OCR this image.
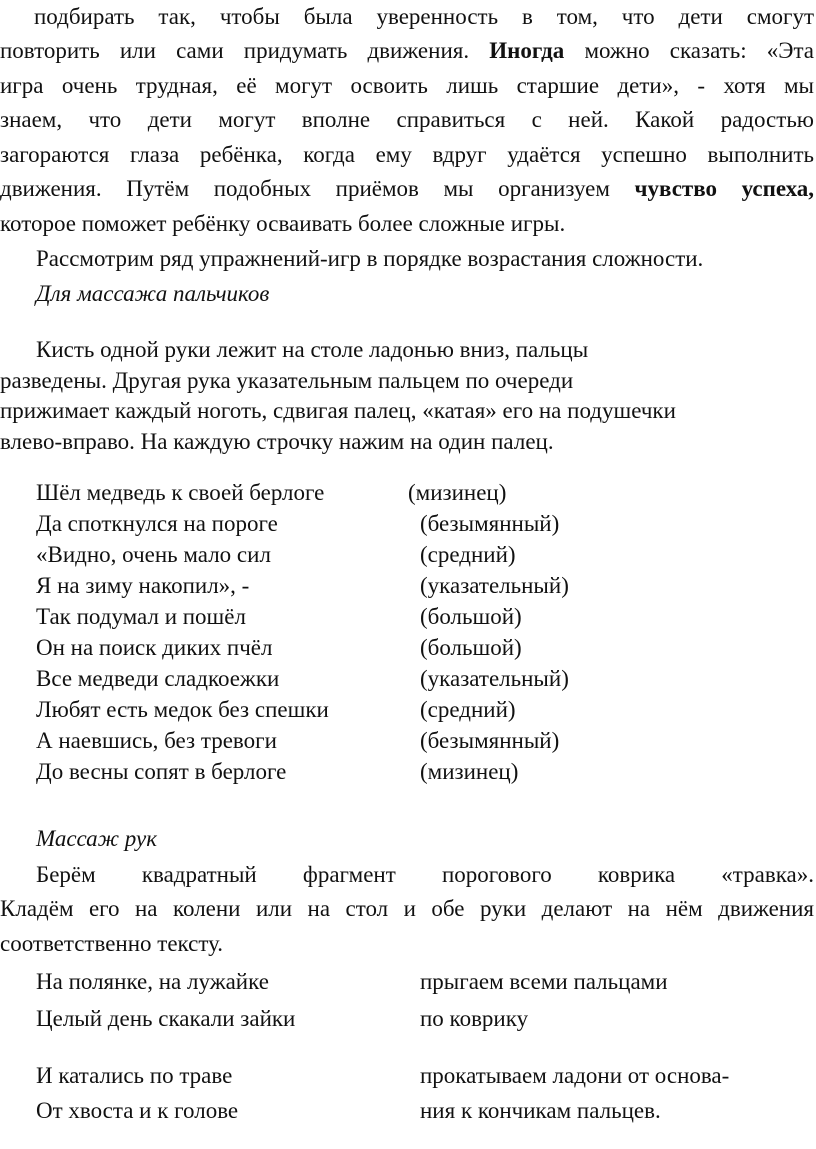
подбирать так, чтобы была уверенность в том, что дети смогут
повторить или сами придумать движения. Иногда можно сказать: «Эта
игра очень трудная, её могут освоить лишь старшие дети», - хотя мы
знаем, что дети могут вполне справиться с ней. Какой радостью
загораются глаза ребёнка, когда ему вдруг удаётся успешно выполнить
движения. Путём подобных приёмов мы организуем чувство успеха,
которое поможет ребёнку осваивать более сложные игры.
Рассмотрим ряд упражнений-игр в порядке возрастания сложности.
Для массажа пальчиков
Кисть одной руки лежит на столе ладонью вниз, пальцы
разведены. Другая рука указательным пальцем по очереди
прижимает каждый ноготь, сдвигая палец, «катая» его на подушечки
влево-вправо. На каждую строчку нажим на один палец.
Шёл медведь к своей берлоге	(мизинец)
Да споткнулся на пороге	(безымянный)
«Видно, очень мало сил	(средний)
Я на зиму накопил», -	(указательный)
Так подумал и пошёл	(большой)
Он на поиск диких пчёл	(большой)
Все медведи сладкоежки	(указательный)
Любят есть медок без спешки	(средний)
А наевшись, без тревоги	(безымянный)
До весны сопят в берлоге	(мизинец)
Массаж рук
Берём квадратный фрагмент порогового коврика «травка».
Кладём его на колени или на стол и обе руки делают на нём движения
соответственно тексту.
На полянке, на лужайке	прыгаем всеми пальцами
Целый день скакали зайки	по коврику
И катались по траве	прокатываем ладони от основа-
От хвоста и к голове	ния к кончикам пальцев.
